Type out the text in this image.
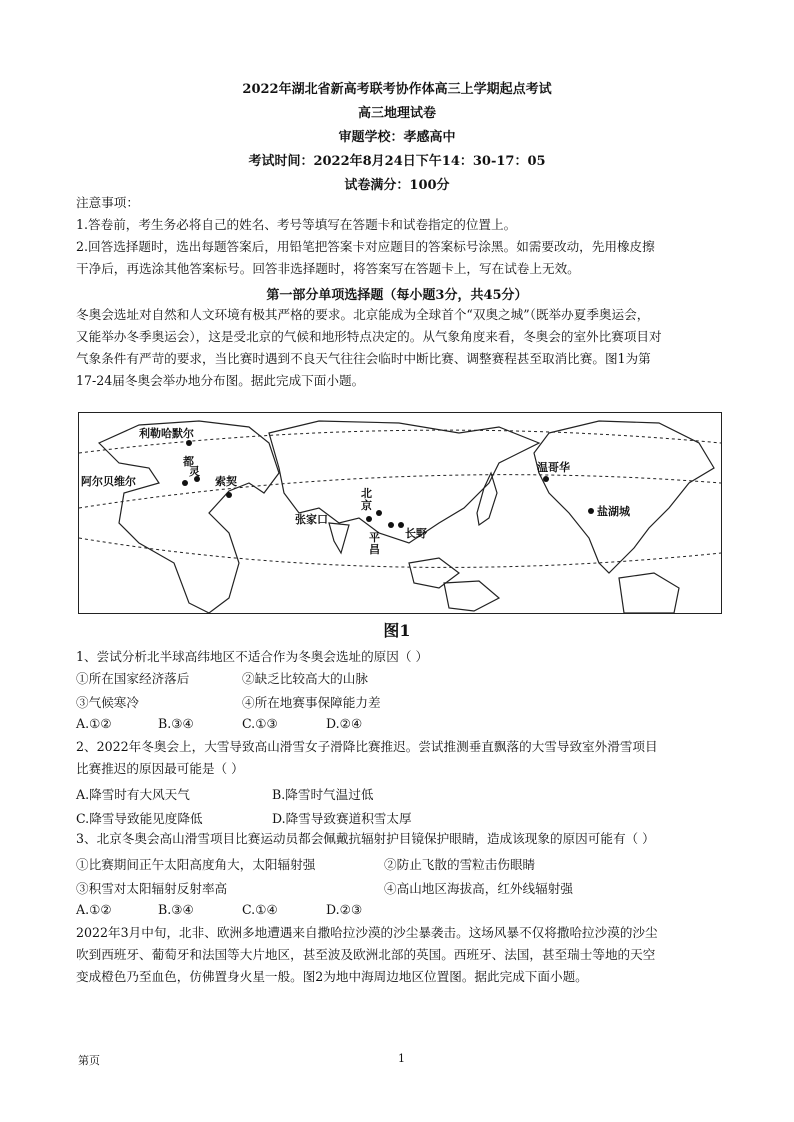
2022年湖北省新高考联考协作体高三上学期起点考试
高三地理试卷
审题学校：孝感高中
考试时间：2022年8月24日下午14：30-17：05
试卷满分：100分
注意事项：
1.答卷前，考生务必将自己的姓名、考号等填写在答题卡和试卷指定的位置上。
2.回答选择题时，选出每题答案后，用铅笔把答案卡对应题目的答案标号涂黑。如需要改动，先用橡皮擦
干净后，再选涂其他答案标号。回答非选择题时，将答案写在答题卡上，写在试卷上无效。
第一部分单项选择题（每小题3分，共45分）
冬奥会选址对自然和人文环境有极其严格的要求。北京能成为全球首个“双奥之城”（既举办夏季奥运会，
又能举办冬季奥运会），这是受北京的气候和地形特点决定的。从气象角度来看，冬奥会的室外比赛项目对
气象条件有严苛的要求，当比赛时遇到不良天气往往会临时中断比赛、调整赛程甚至取消比赛。图1为第
17-24届冬奥会举办地分布图。据此完成下面小题。
利勒哈默尔
阿尔贝维尔
都
灵
索契
北
京
张家口
平
昌
长野
温哥华
盐湖城
图1
1、尝试分析北半球高纬地区不适合作为冬奥会选址的原因（ ）
①所在国家经济落后	②缺乏比较高大的山脉
③气候寒冷	④所在地赛事保障能力差
A.①②	B.③④	C.①③	D.②④
2、2022年冬奥会上，大雪导致高山滑雪女子滑降比赛推迟。尝试推测垂直飘落的大雪导致室外滑雪项目
比赛推迟的原因最可能是（ ）
A.降雪时有大风天气	B.降雪时气温过低
C.降雪导致能见度降低	D.降雪导致赛道积雪太厚
3、北京冬奥会高山滑雪项目比赛运动员都会佩戴抗辐射护目镜保护眼睛，造成该现象的原因可能有（ ）
①比赛期间正午太阳高度角大，太阳辐射强	②防止飞散的雪粒击伤眼睛
③积雪对太阳辐射反射率高	④高山地区海拔高，红外线辐射强
A.①②	B.③④	C.①④	D.②③
2022年3月中旬，北非、欧洲多地遭遇来自撒哈拉沙漠的沙尘暴袭击。这场风暴不仅将撒哈拉沙漠的沙尘
吹到西班牙、葡萄牙和法国等大片地区，甚至波及欧洲北部的英国。西班牙、法国，甚至瑞士等地的天空
变成橙色乃至血色，仿佛置身火星一般。图2为地中海周边地区位置图。据此完成下面小题。
第页	1
